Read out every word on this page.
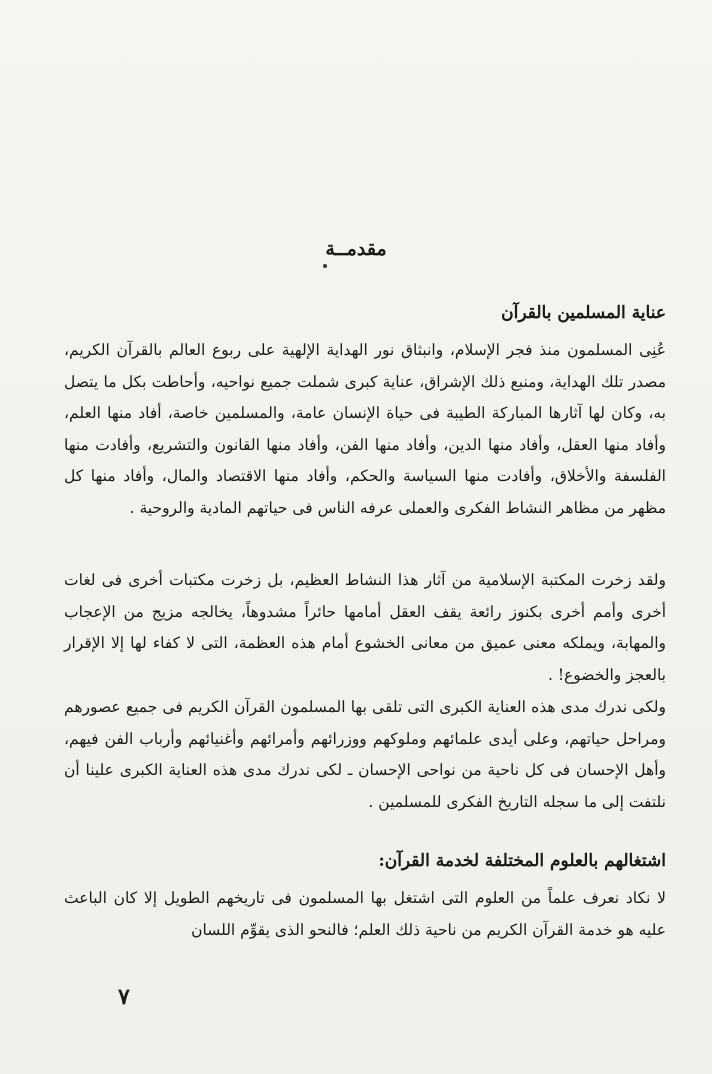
مقدمــة
عناية المسلمين بالقرآن

عُنِى المسلمون منذ فجر الإسلام، وانبثاق نور الهداية الإلهية على ربوع العالم بالقرآن الكريم، مصدر تلك الهداية، ومنبع ذلك الإشراق، عناية كبرى شملت جميع نواحيه، وأحاطت بكل ما يتصل به، وكان لها آثارها المباركة الطيبة فى حياة الإنسان عامة، والمسلمين خاصة، أفاد منها العلم، وأفاد منها العقل، وأفاد منها الدين، وأفاد منها الفن، وأفاد منها القانون والتشريع، وأفادت منها الفلسفة والأخلاق، وأفادت منها السياسة والحكم، وأفاد منها الاقتصاد والمال، وأفاد منها كل مظهر من مظاهر النشاط الفكرى والعملى عرفه الناس فى حياتهم المادية والروحية .

ولقد زخرت المكتبة الإسلامية من آثار هذا النشاط العظيم، بل زخرت مكتبات أخرى فى لغات أخرى وأمم أخرى بكنوز رائعة يقف العقل أمامها حائراً مشدوهاً، يخالجه مزيج من الإعجاب والمهابة، ويملكه معنى عميق من معانى الخشوع أمام هذه العظمة، التى لا كفاء لها إلا الإقرار بالعجز والخضوع! .

ولكى ندرك مدى هذه العناية الكبرى التى تلقى بها المسلمون القرآن الكريم فى جميع عصورهم ومراحل حياتهم، وعلى أيدى علمائهم وملوكهم ووزرائهم وأمرائهم وأغنيائهم وأرباب الفن فيهم، وأهل الإحسان فى كل ناحية من نواحى الإحسان ـ لكى ندرك مدى هذه العناية الكبرى علينا أن نلتفت إلى ما سجله التاريخ الفكرى للمسلمين .

اشتغالهم بالعلوم المختلفة لخدمة القرآن:

لا نكاد نعرف علماً من العلوم التى اشتغل بها المسلمون فى تاريخهم الطويل إلا كان الباعث عليه هو خدمة القرآن الكريم من ناحية ذلك العلم؛ فالنحو الذى يقوِّم اللسان

٧
